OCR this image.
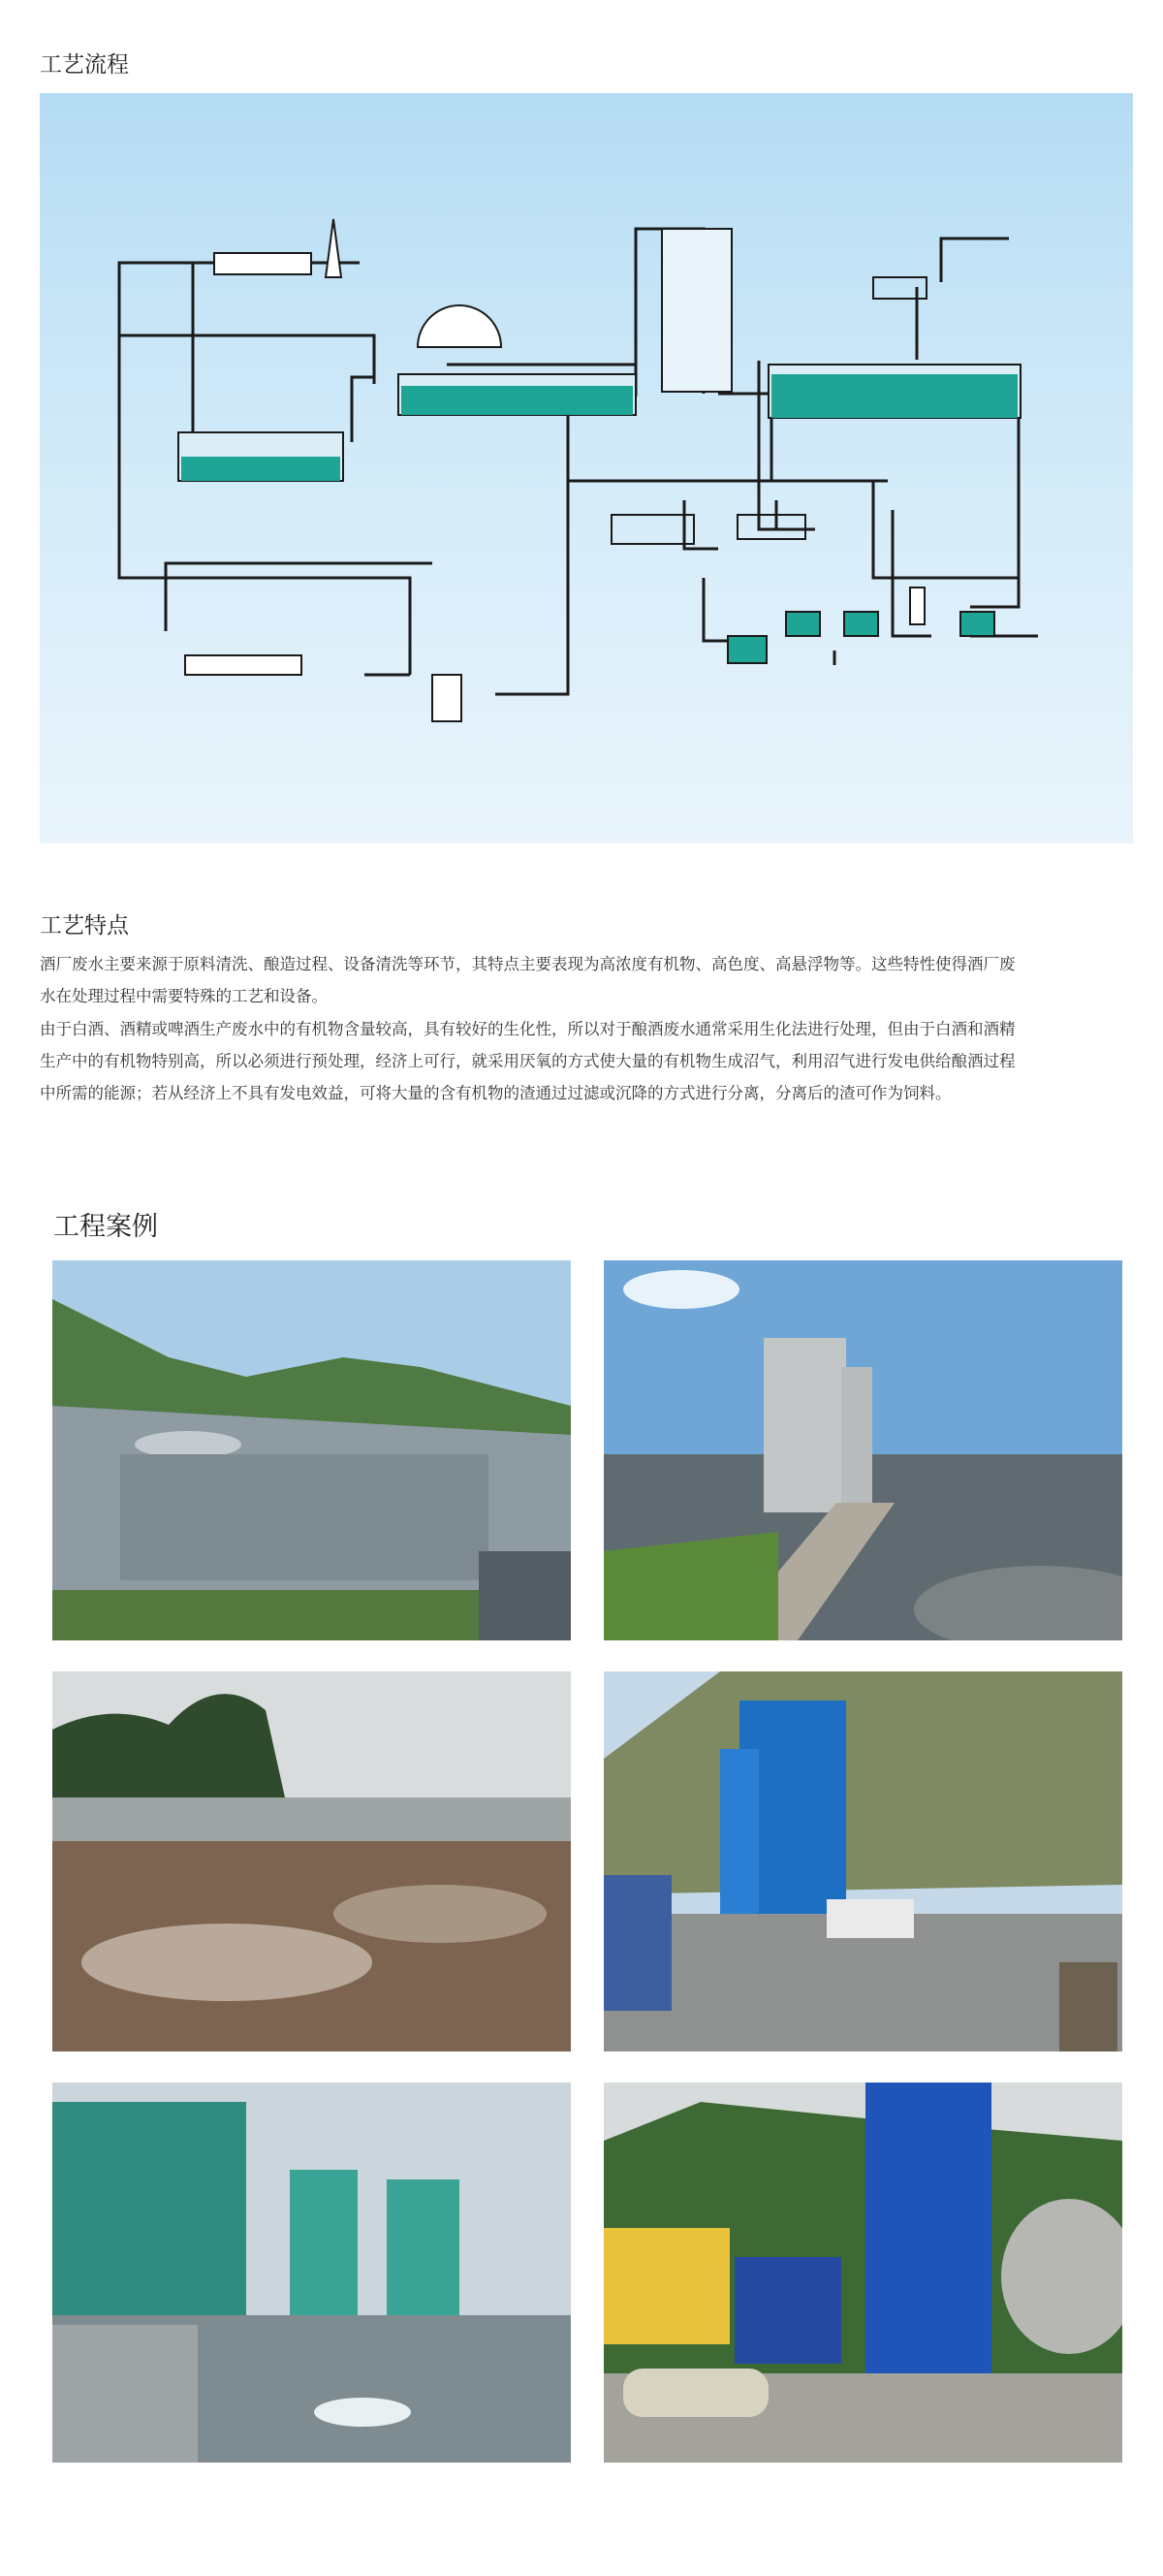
工艺流程
工艺特点

酒厂废水主要来源于原料清洗、酿造过程、设备清洗等环节，其特点主要表现为高浓度有机物、高色度、高悬浮物等。这些特性使得酒厂废水在处理过程中需要特殊的工艺和设备。

由于白酒、酒精或啤酒生产废水中的有机物含量较高，具有较好的生化性，所以对于酿酒废水通常采用生化法进行处理，但由于白酒和酒精生产中的有机物特别高，所以必须进行预处理，经济上可行，就采用厌氧的方式使大量的有机物生成沼气，利用沼气进行发电供给酿酒过程中所需的能源；若从经济上不具有发电效益，可将大量的含有机物的渣通过过滤或沉降的方式进行分离，分离后的渣可作为饲料。

工程案例
